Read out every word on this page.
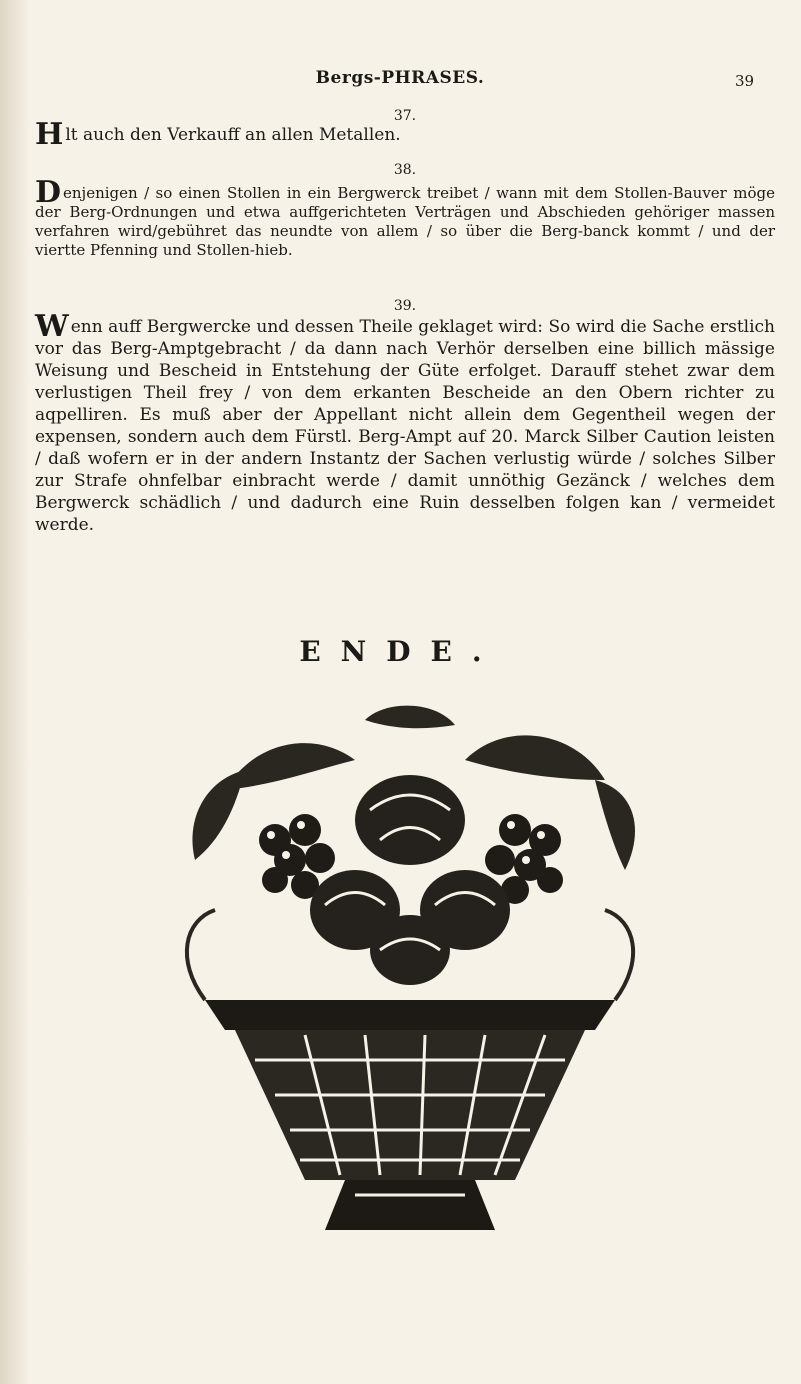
Bergs-PHRASES.	39
37.
Hlt auch den Verkauff an allen Metallen.
38.
Denjenigen / so einen Stollen in ein Bergwerck treibet / wann mit dem Stollen-Bauver möge der Berg-Ordnungen und etwa auffgerichteten Verträgen und Abschieden gehöriger massen verfahren wird/gebühret das neundte von allem / so über die Berg-banck kommt / und der viertte Pfenning und Stollen-hieb.
39.
Wenn auff Bergwercke und dessen Theile geklaget wird: So wird die Sache erstlich vor das Berg-Amptgebracht / da dann nach Verhör derselben eine billich mässige Weisung und Bescheid in Entstehung der Güte erfolget. Darauff stehet zwar dem verlustigen Theil frey / von dem erkanten Bescheide an den Obern richter zu aqpelliren. Es muß aber der Appellant nicht allein dem Gegentheil wegen der expensen, sondern auch dem Fürstl. Berg-Ampt auf 20. Marck Silber Caution leisten / daß wofern er in der andern Instantz der Sachen verlustig würde / solches Silber zur Strafe ohnfelbar einbracht werde / damit unnöthig Gezänck / welches dem Bergwerck schädlich / und dadurch eine Ruin desselben folgen kan / vermeidet werde.
ENDE.
